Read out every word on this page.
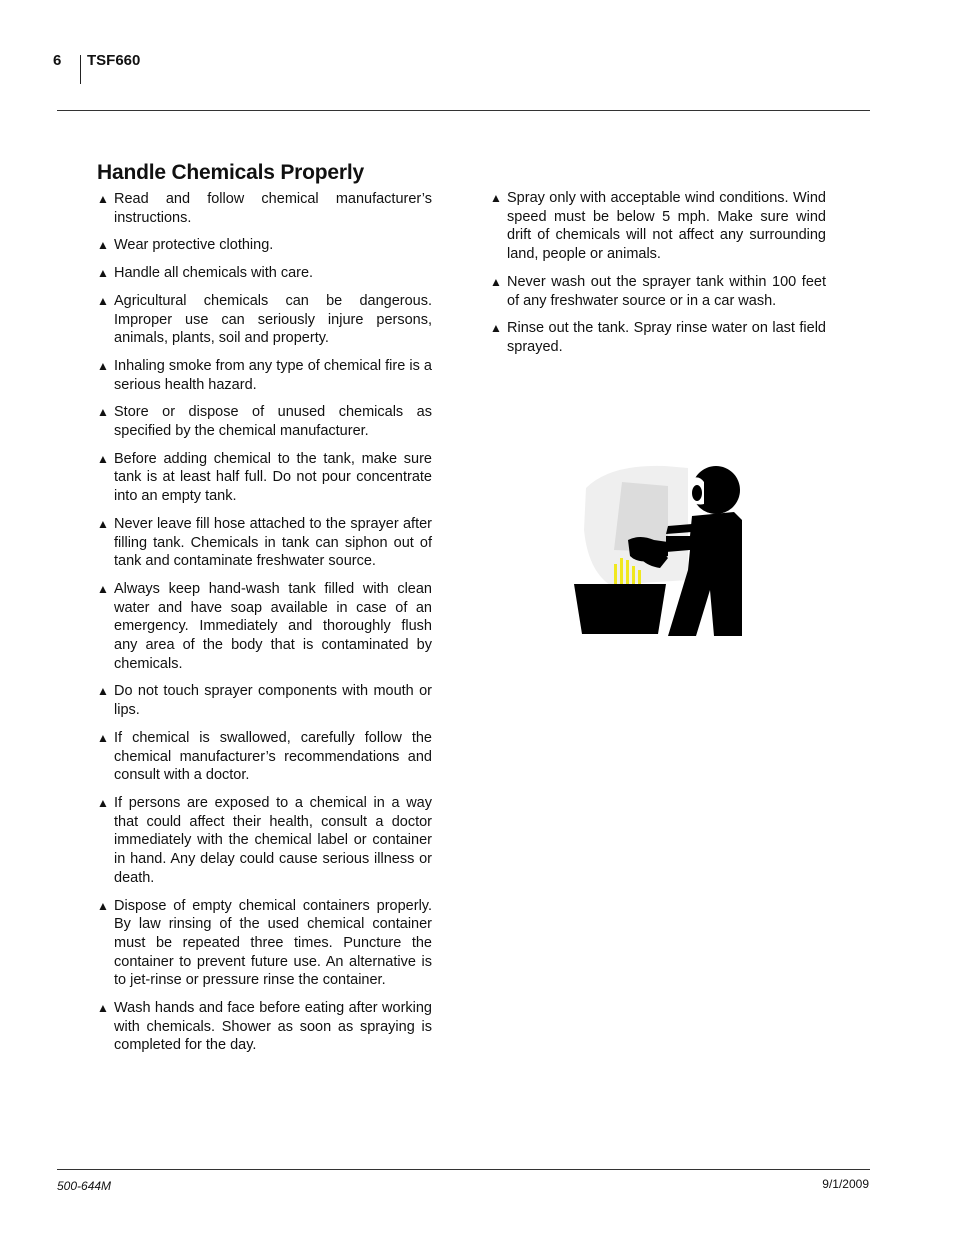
6 TSF660
Handle Chemicals Properly
▲ Read and follow chemical manufacturer’s instructions.
▲ Wear protective clothing.
▲ Handle all chemicals with care.
▲ Agricultural chemicals can be dangerous. Improper use can seriously injure persons, animals, plants, soil and property.
▲ Inhaling smoke from any type of chemical fire is a serious health hazard.
▲ Store or dispose of unused chemicals as specified by the chemical manufacturer.
▲ Before adding chemical to the tank, make sure tank is at least half full. Do not pour concentrate into an empty tank.
▲ Never leave fill hose attached to the sprayer after filling tank. Chemicals in tank can siphon out of tank and contaminate freshwater source.
▲ Always keep hand-wash tank filled with clean water and have soap available in case of an emergency. Immediately and thoroughly flush any area of the body that is contaminated by chemicals.
▲ Do not touch sprayer components with mouth or lips.
▲ If chemical is swallowed, carefully follow the chemical manufacturer’s recommendations and consult with a doctor.
▲ If persons are exposed to a chemical in a way that could affect their health, consult a doctor immediately with the chemical label or container in hand. Any delay could cause serious illness or death.
▲ Dispose of empty chemical containers properly. By law rinsing of the used chemical container must be repeated three times. Puncture the container to prevent future use. An alternative is to jet-rinse or pressure rinse the container.
▲ Wash hands and face before eating after working with chemicals. Shower as soon as spraying is completed for the day.
▲ Spray only with acceptable wind conditions. Wind speed must be below 5 mph. Make sure wind drift of chemicals will not affect any surrounding land, people or animals.
▲ Never wash out the sprayer tank within 100 feet of any freshwater source or in a car wash.
▲ Rinse out the tank. Spray rinse water on last field sprayed.
500-644M	9/1/2009
